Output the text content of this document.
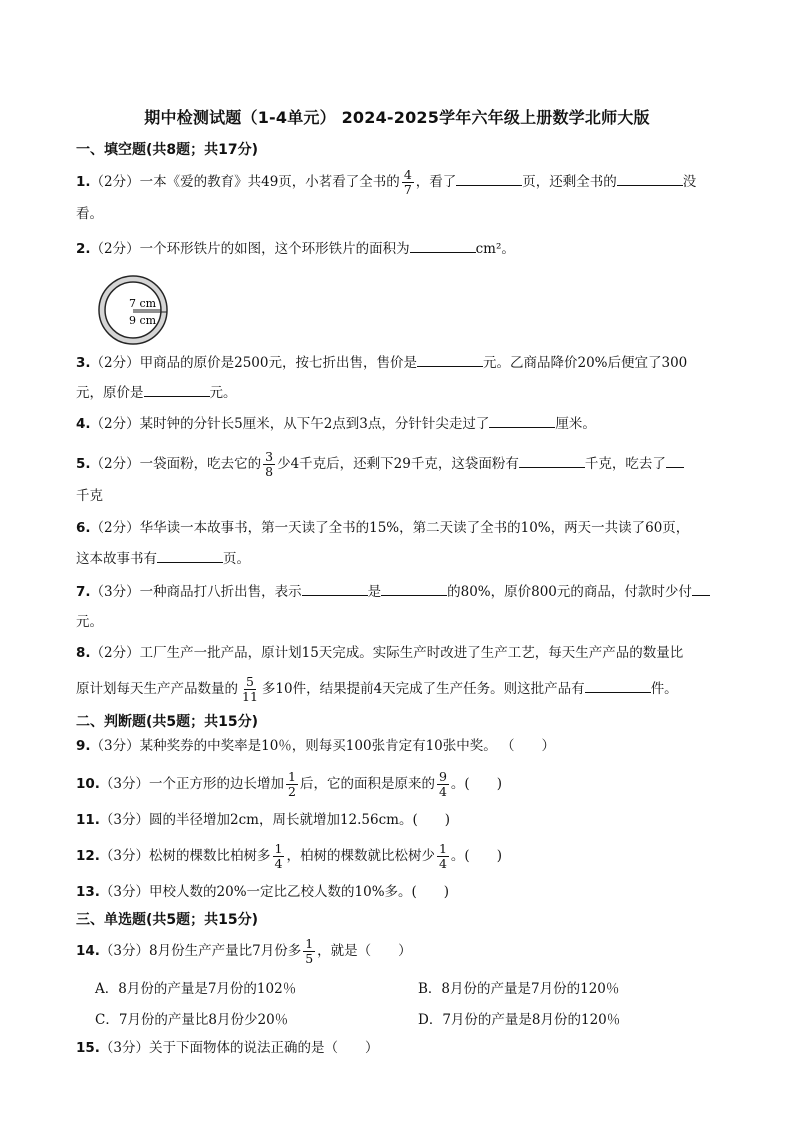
期中检测试题（1-4单元） 2024-2025学年六年级上册数学北师大版
一、填空题(共8题；共17分)
1.（2分）一本《爱的教育》共49页，小茗看了全书的 $\frac{4}{7}$ ，看了	页，还剩全书的	没
看。
2.（2分）一个环形铁片的如图，这个环形铁片的面积为	cm²。
7 cm
9 cm
3.（2分）甲商品的原价是2500元，按七折出售，售价是	元。乙商品降价20%后便宜了300
元，原价是	元。
4.（2分）某时钟的分针长5厘米，从下午2点到3点，分针针尖走过了	厘米。
5.（2分）一袋面粉，吃去它的 $\frac{3}{8}$ 少4千克后，还剩下29千克，这袋面粉有	千克，吃去了
千克
6.（2分）华华读一本故事书，第一天读了全书的15%，第二天读了全书的10%，两天一共读了60页，
这本故事书有	页。
7.（3分）一种商品打八折出售，表示	是	的80%，原价800元的商品，付款时少付
元。
8.（2分）工厂生产一批产品，原计划15天完成。实际生产时改进了生产工艺，每天生产产品的数量比
原计划每天生产产品数量的 $\frac{5}{11}$ 多10件，结果提前4天完成了生产任务。则这批产品有	件。
二、判断题(共5题；共15分)
9.（3分）某种奖券的中奖率是10％，则每买100张肯定有10张中奖。 （　　）
10.（3分）一个正方形的边长增加 $\frac{1}{2}$ 后，它的面积是原来的 $\frac{9}{4}$ 。(　　)
11.（3分）圆的半径增加2cm，周长就增加12.56cm。(　　)
12.（3分）松树的棵数比柏树多 $\frac{1}{4}$ ，柏树的棵数就比松树少 $\frac{1}{4}$ 。(　　)
13.（3分）甲校人数的20%一定比乙校人数的10%多。(　　)
三、单选题(共5题；共15分)
14.（3分）8月份生产产量比7月份多 $\frac{1}{5}$ ，就是（　　）
A．8月份的产量是7月份的102％	B．8月份的产量是7月份的120％
C．7月份的产量比8月份少20％	D．7月份的产量是8月份的120％
15.（3分）关于下面物体的说法正确的是（　　）
